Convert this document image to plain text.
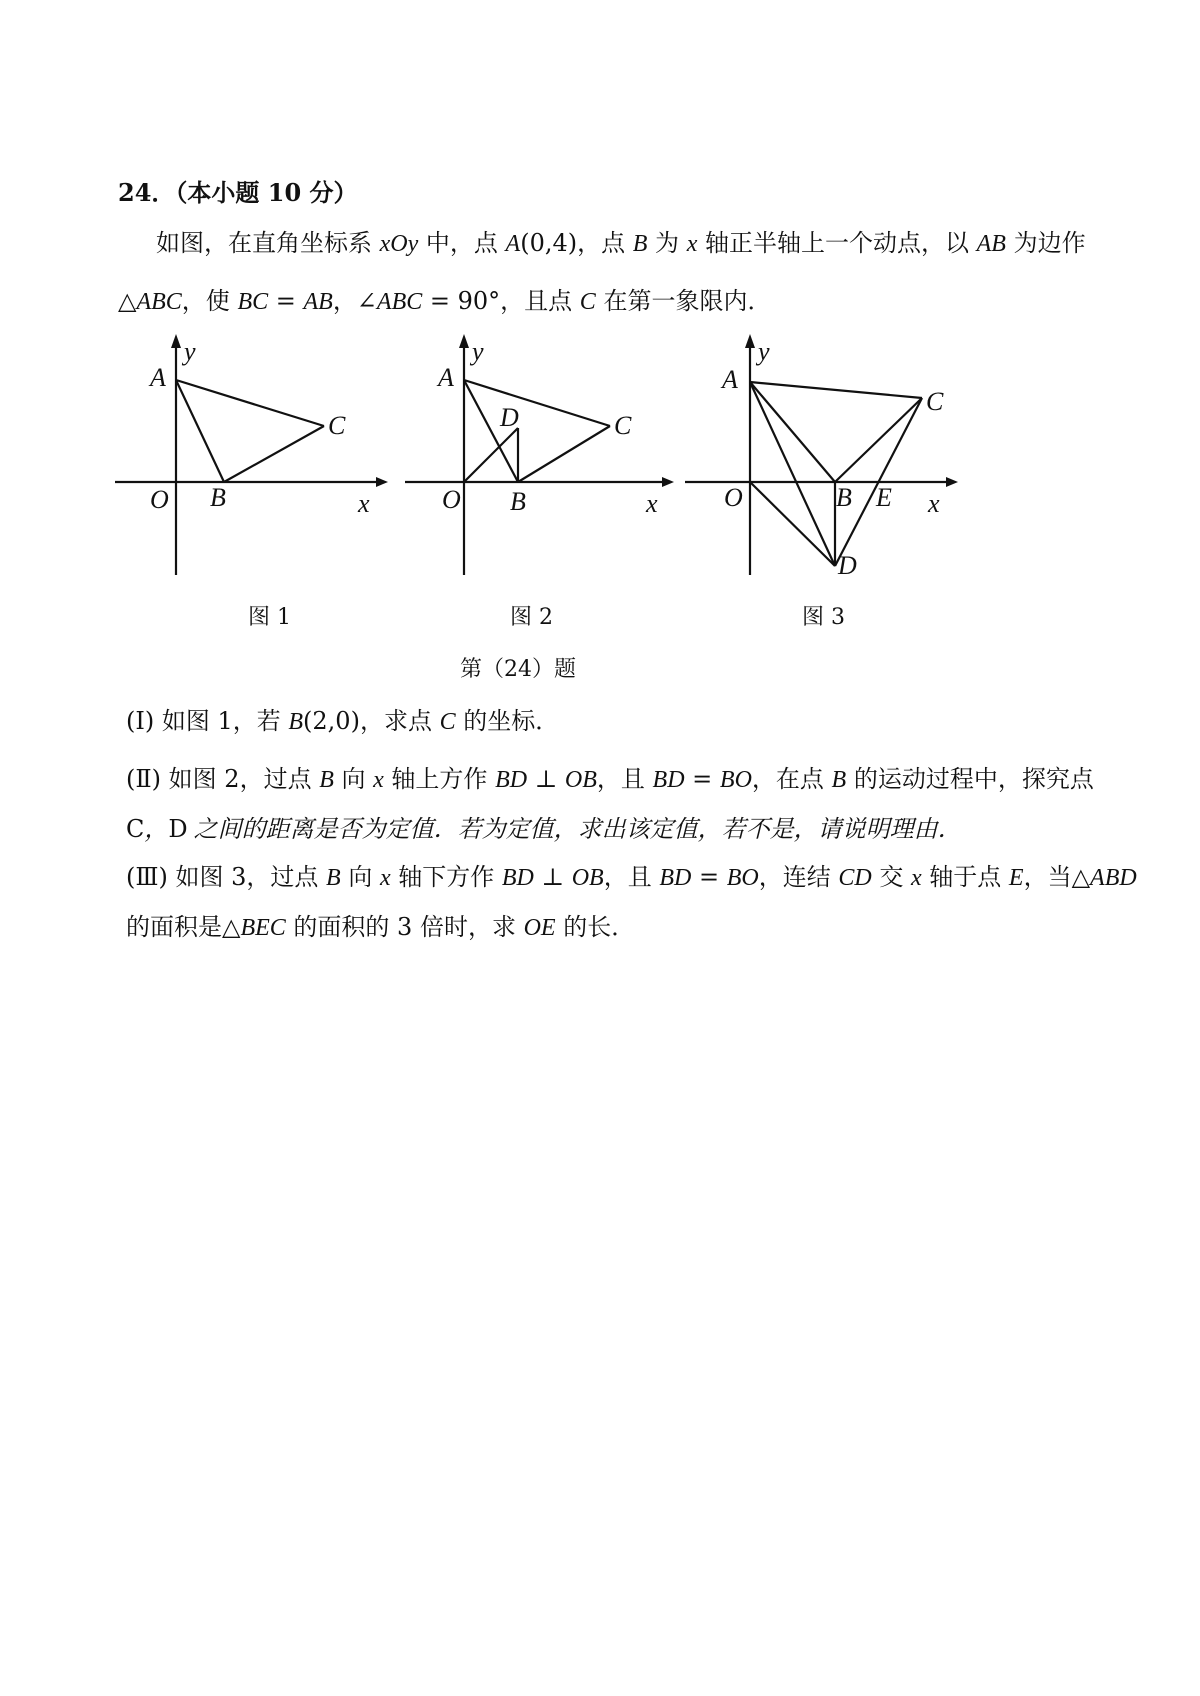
24．（本小题 10 分）
如图，在直角坐标系 xOy 中，点 A(0,4)，点 B 为 x 轴正半轴上一个动点，以 AB 为边作
△ABC，使 BC = AB，∠ABC = 90°，且点 C 在第一象限内．
A
C
B
O	x
y
图 1
A
C
D
B
O	x
y
图 2
A
C
B E
D
O	x
y
图 3
第（24）题
(Ⅰ) 如图 1，若 B(2,0)，求点 C 的坐标．
(Ⅱ) 如图 2，过点 B 向 x 轴上方作 BD ⊥ OB，且 BD = BO，在点 B 的运动过程中，探究点
C，D 之间的距离是否为定值．若为定值，求出该定值，若不是，请说明理由．
(Ⅲ) 如图 3，过点 B 向 x 轴下方作 BD ⊥ OB，且 BD = BO，连结 CD 交 x 轴于点 E，当△ABD
的面积是△BEC 的面积的 3 倍时，求 OE 的长．
